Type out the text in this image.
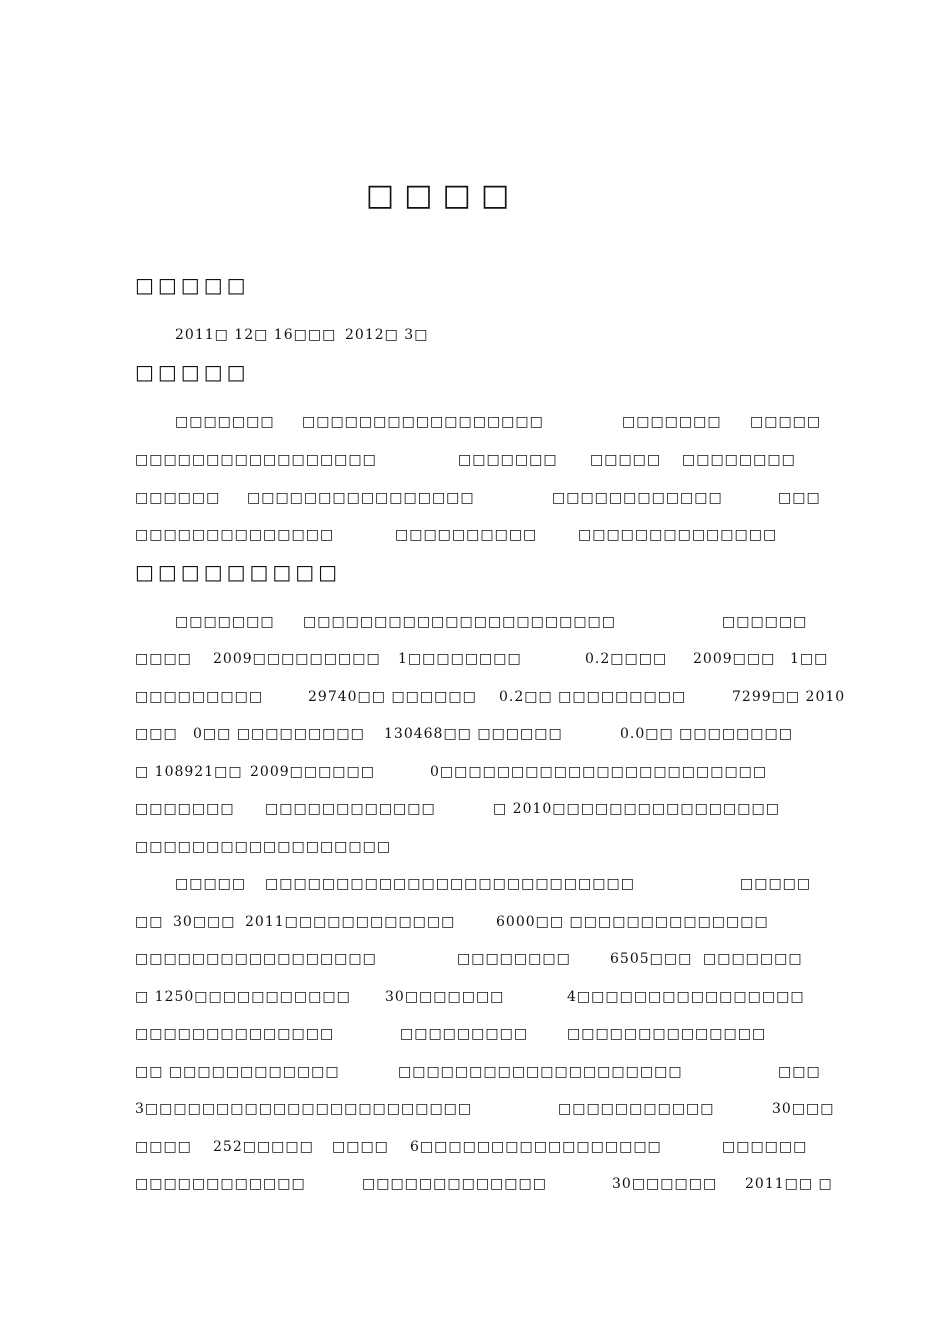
□□□□
□□□□□
□□□□□
□□□□□□□□□
2011□ 12□ 16□□□ 2012□ 3□
□□□□□□□ □□□□□□□□□□□□□□□□□	□□□□□□□ □□□□□
□□□□□□□□□□□□□□□□□	□□□□□□□ □□□□□ □□□□□□□□
□□□□□□ □□□□□□□□□□□□□□□□	□□□□□□□□□□□□	□□□
□□□□□□□□□□□□□□	□□□□□□□□□□	□□□□□□□□□□□□□□
□□□□□□□ □□□□□□□□□□□□□□□□□□□□□□	□□□□□□
□□□□ 2009□□□□□□□□□ 1□□□□□□□□	0.2□□□□ 2009□□□ 1□□
□□□□□□□□□	29740□□ □□□□□□ 0.2□□ □□□□□□□□□	7299□□ 2010
□□□ 0□□ □□□□□□□□□ 130468□□ □□□□□□	0.0□□ □□□□□□□□
□ 108921□□ 2009□□□□□□	0□□□□□□□□□□□□□□□□□□□□□□□
□□□□□□□ □□□□□□□□□□□□	□ 2010□□□□□□□□□□□□□□□□
□□□□□□□□□□□□□□□□□□
□□□□□ □□□□□□□□□□□□□□□□□□□□□□□□□□	□□□□□
□□ 30□□□ 2011□□□□□□□□□□□□	6000□□ □□□□□□□□□□□□□□
□□□□□□□□□□□□□□□□□	□□□□□□□□	6505□□□ □□□□□□□
□ 1250□□□□□□□□□□□ 30□□□□□□□	4□□□□□□□□□□□□□□□□
□□□□□□□□□□□□□□	□□□□□□□□□	□□□□□□□□□□□□□□
□□ □□□□□□□□□□□□	□□□□□□□□□□□□□□□□□□□□	□□□
3□□□□□□□□□□□□□□□□□□□□□□□	□□□□□□□□□□□	30□□□
□□□□ 252□□□□□ □□□□ 6□□□□□□□□□□□□□□□□□	□□□□□□
□□□□□□□□□□□□	□□□□□□□□□□□□□	30□□□□□□ 2011□□ □
